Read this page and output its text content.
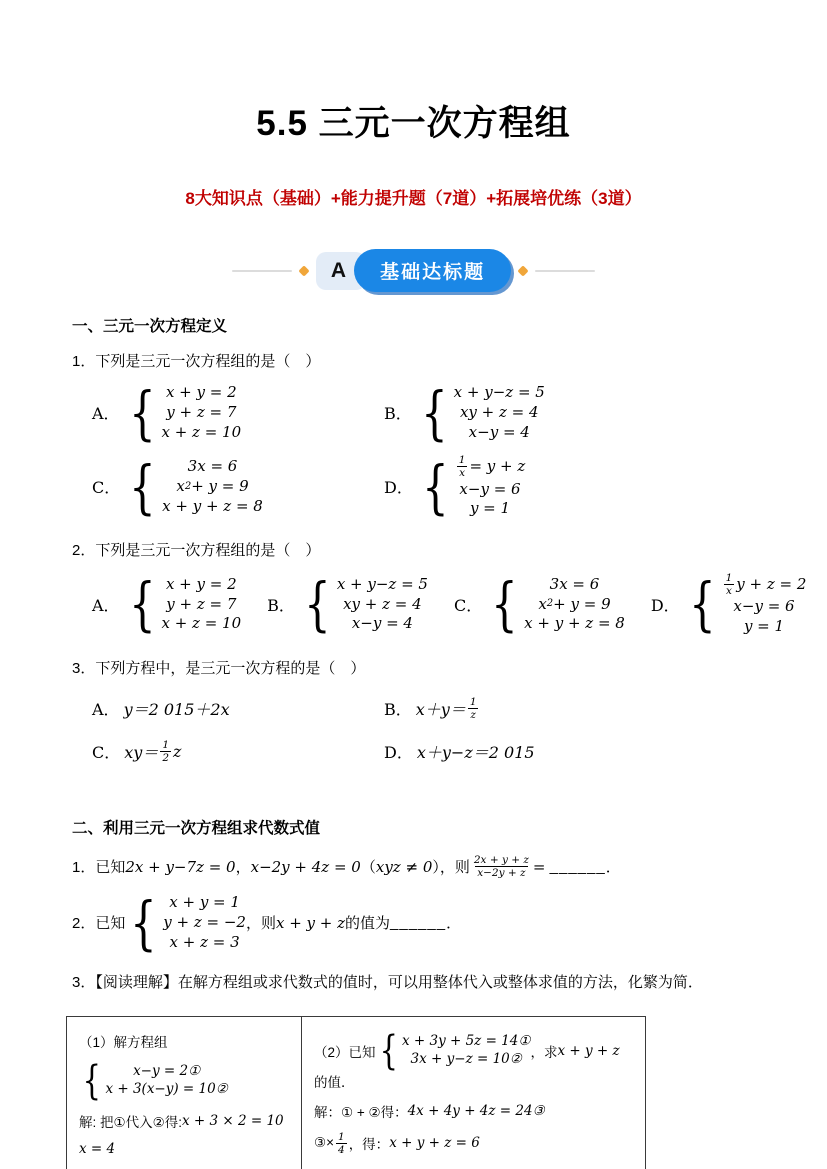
5.5 三元一次方程组
8大知识点（基础）+能力提升题（7道）+拓展培优练（3道）
A	基础达标题
一、三元一次方程定义
1．下列是三元一次方程组的是（　）
A． { x + y = 2
y + z = 7
x + z = 10
B． { x + y−z = 5
xy + z = 4
x−y = 4
C． { 3x = 6
x 2 + y = 9
x + y + z = 8
D． { $\frac{1}{x} = y + z$
x−y = 6
y = 1
2．下列是三元一次方程组的是（　）
A． { x + y = 2
y + z = 7
x + z = 10
B． { x + y−z = 5
xy + z = 4
x−y = 4
C． { 3x = 6
x 2 + y = 9
x + y + z = 8
D． { $\frac{1}{x}$ y + z = 2
x−y = 6
y = 1
3．下列方程中，是三元一次方程的是（　）
A． y＝2 015＋2x	B． $x+y= \frac{1}{z}$
C． $xy= \frac{1}{2}$ z	D． x＋y−z＝2 015
二、利用三元一次方程组求代数式值
1．已知 2x + y−7z = 0 ， x−2y + 4z = 0 （ xyz ≠ 0 ），则 $\frac{2x + y + z}{x-2y + z}$ =
______ ．
2．已知 { x + y = 1
y + z = −2
x + z = 3
，则 x + y + z 的值为 ______ ．
3．【阅读理解】在解方程组或求代数式的值时，可以用整体代入或整体求值的方法，化繁为简．
（1）解方程组
{ x−y = 2①
x + 3(x−y) = 10②
解: 把①代入②得: x + 3 × 2 = 10
x = 4
（2）已知 { x + 3y + 5z = 14①
3x + y−z = 10② ，求 x + y + z
的值．
解：① + ②得： 4x + 4y + 4z = 24③
③× $\frac{1}{4}$ ，得： x + y + z = 6
